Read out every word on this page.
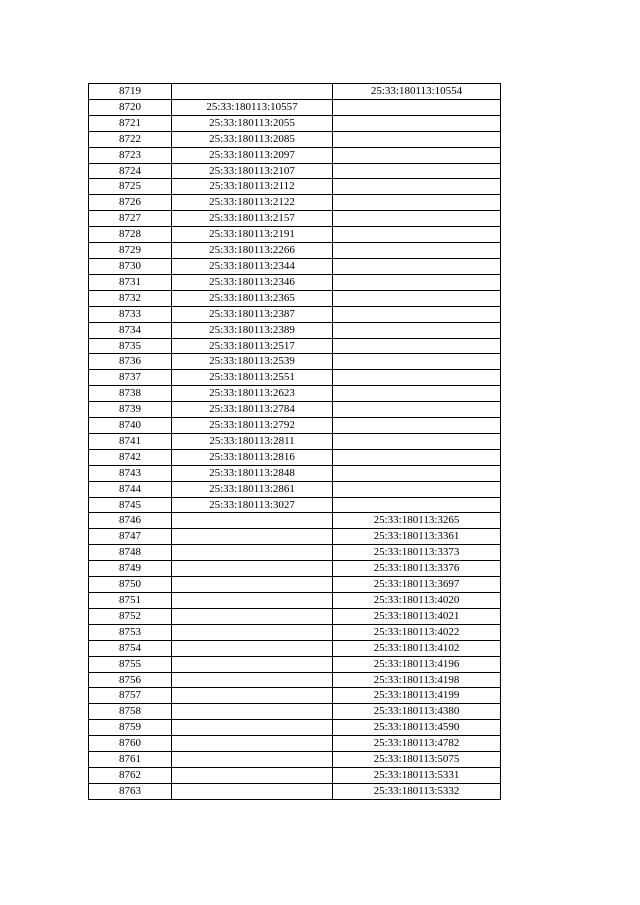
8719		25:33:180113:10554
8720	25:33:180113:10557	
8721	25:33:180113:2055	
8722	25:33:180113:2085	
8723	25:33:180113:2097	
8724	25:33:180113:2107	
8725	25:33:180113:2112	
8726	25:33:180113:2122	
8727	25:33:180113:2157	
8728	25:33:180113:2191	
8729	25:33:180113:2266	
8730	25:33:180113:2344	
8731	25:33:180113:2346	
8732	25:33:180113:2365	
8733	25:33:180113:2387	
8734	25:33:180113:2389	
8735	25:33:180113:2517	
8736	25:33:180113:2539	
8737	25:33:180113:2551	
8738	25:33:180113:2623	
8739	25:33:180113:2784	
8740	25:33:180113:2792	
8741	25:33:180113:2811	
8742	25:33:180113:2816	
8743	25:33:180113:2848	
8744	25:33:180113:2861	
8745	25:33:180113:3027	
8746		25:33:180113:3265
8747		25:33:180113:3361
8748		25:33:180113:3373
8749		25:33:180113:3376
8750		25:33:180113:3697
8751		25:33:180113:4020
8752		25:33:180113:4021
8753		25:33:180113:4022
8754		25:33:180113:4102
8755		25:33:180113:4196
8756		25:33:180113:4198
8757		25:33:180113:4199
8758		25:33:180113:4380
8759		25:33:180113:4590
8760		25:33:180113:4782
8761		25:33:180113:5075
8762		25:33:180113:5331
8763		25:33:180113:5332
